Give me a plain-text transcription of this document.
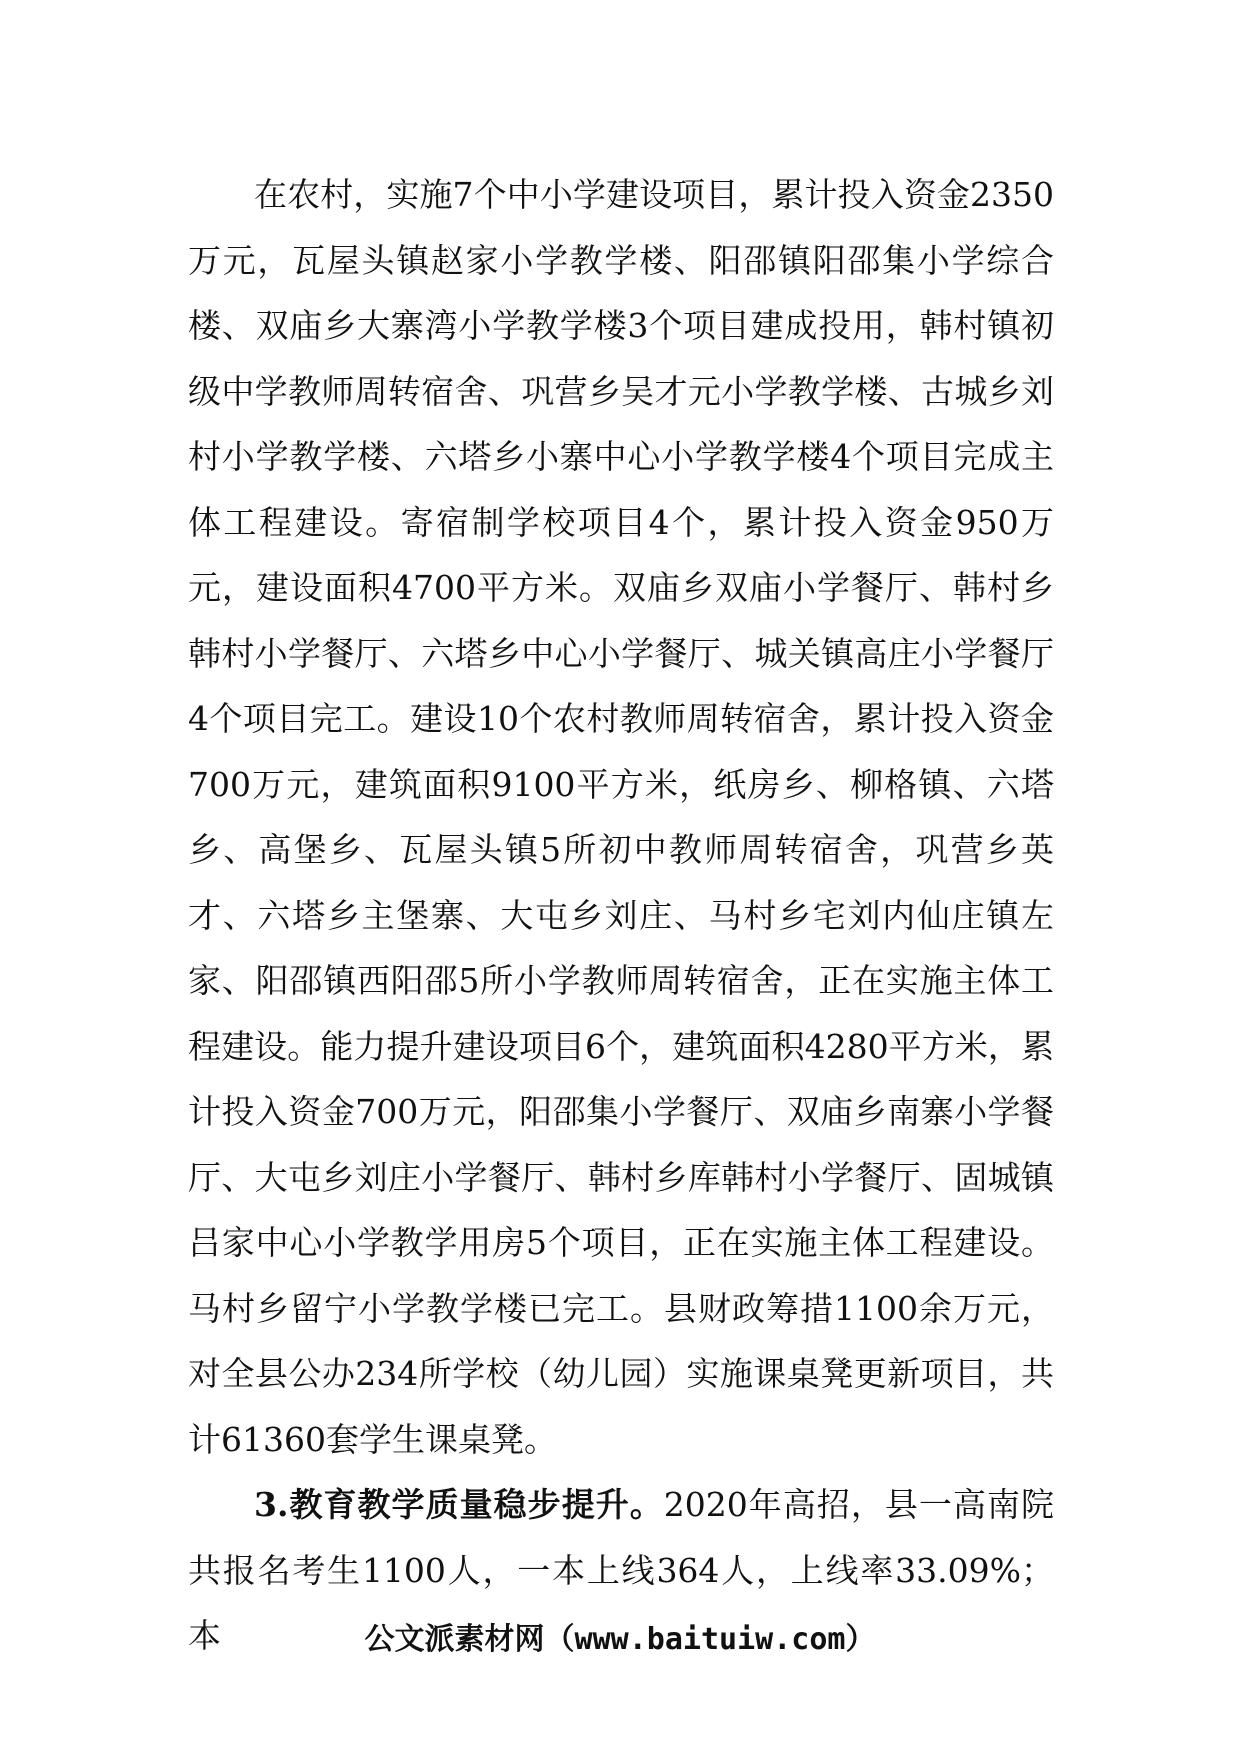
在农村，实施7个中小学建设项目，累计投入资金2350万元，瓦屋头镇赵家小学教学楼、阳邵镇阳邵集小学综合楼、双庙乡大寨湾小学教学楼3个项目建成投用，韩村镇初级中学教师周转宿舍、巩营乡吴才元小学教学楼、古城乡刘村小学教学楼、六塔乡小寨中心小学教学楼4个项目完成主体工程建设。寄宿制学校项目4个，累计投入资金950万元，建设面积4700平方米。双庙乡双庙小学餐厅、韩村乡韩村小学餐厅、六塔乡中心小学餐厅、城关镇高庄小学餐厅4个项目完工。建设10个农村教师周转宿舍，累计投入资金700万元，建筑面积9100平方米，纸房乡、柳格镇、六塔乡、高堡乡、瓦屋头镇5所初中教师周转宿舍，巩营乡英才、六塔乡主堡寨、大屯乡刘庄、马村乡宅刘内仙庄镇左家、阳邵镇西阳邵5所小学教师周转宿舍，正在实施主体工程建设。能力提升建设项目6个，建筑面积4280平方米，累计投入资金700万元，阳邵集小学餐厅、双庙乡南寨小学餐厅、大屯乡刘庄小学餐厅、韩村乡库韩村小学餐厅、固城镇吕家中心小学教学用房5个项目，正在实施主体工程建设。马村乡留宁小学教学楼已完工。县财政筹措1100余万元，对全县公办234所学校（幼儿园）实施课桌凳更新项目，共计61360套学生课桌凳。

3.教育教学质量稳步提升。2020年高招，县一高南院共报名考生1100人，一本上线364人，上线率33.09%；本	公文派素材网（www.baituiw.com）
